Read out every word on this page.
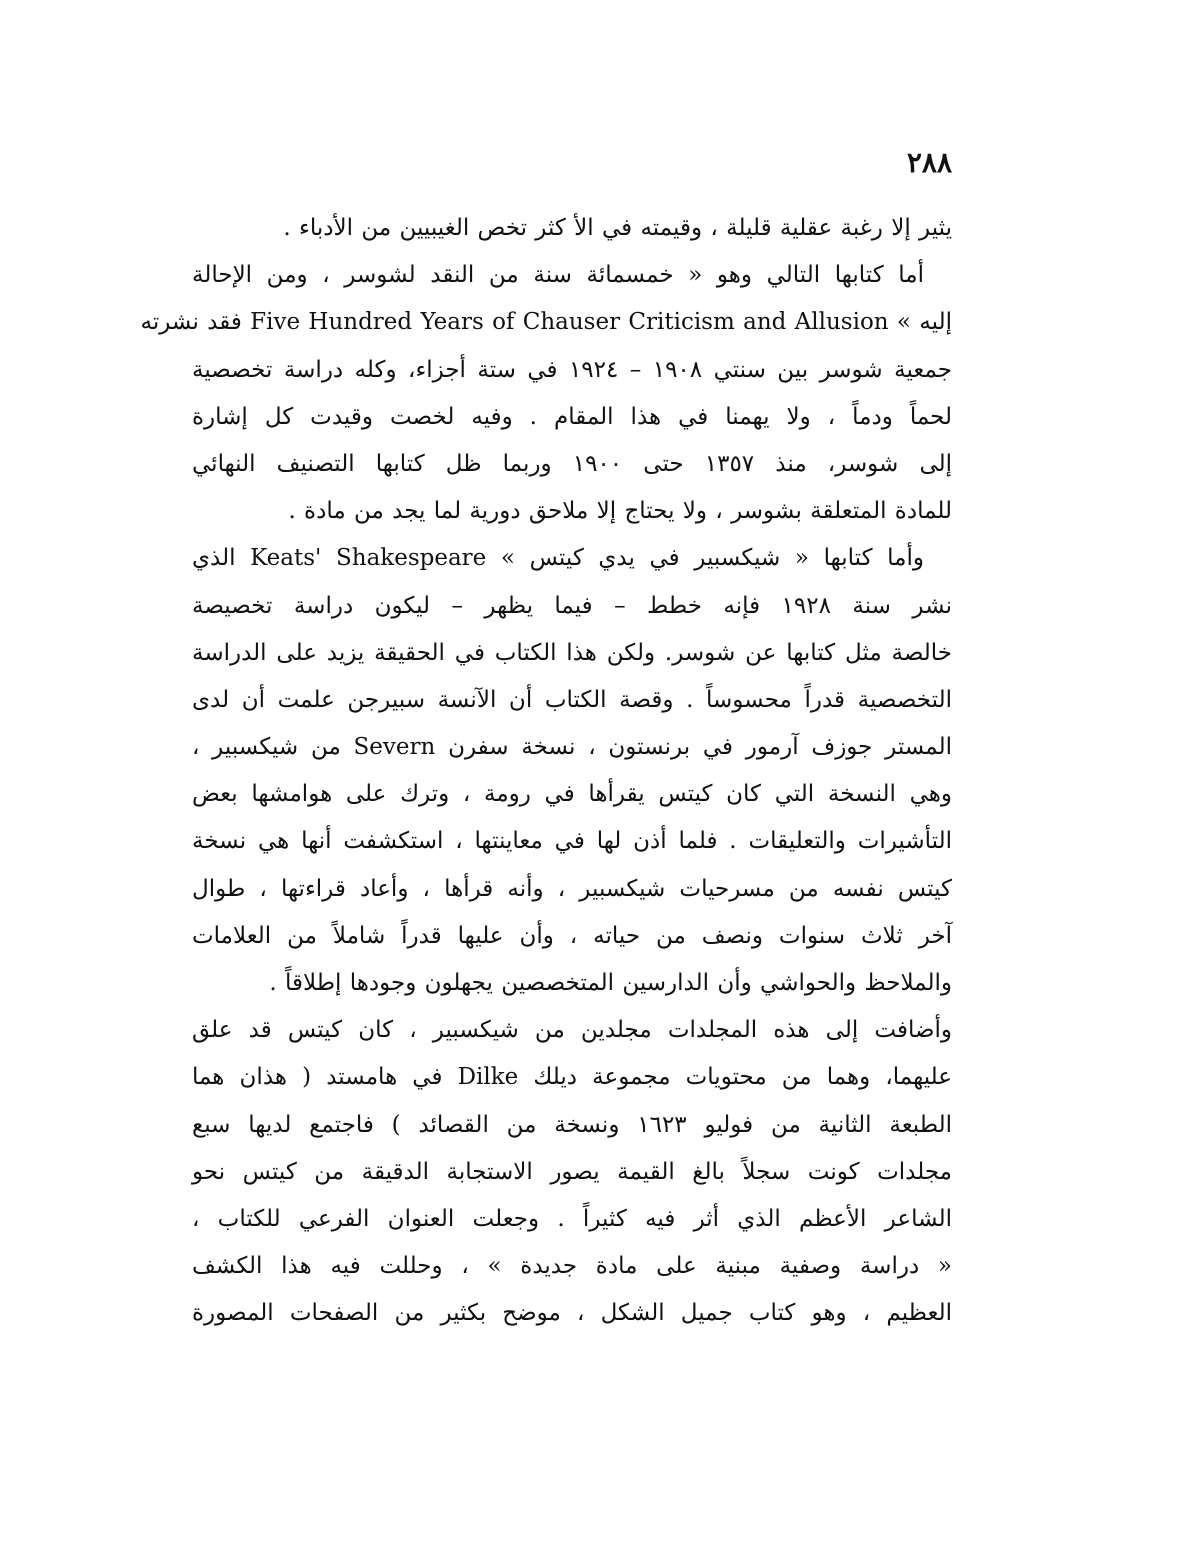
٢٨٨
يثير إلا رغبة عقلية قليلة ، وقيمته في الأ كثر تخص الغيبيين من الأدباء .
أما كتابها التالي وهو « خمسمائة سنة من النقد لشوسر ، ومن الإحالة
إليه » Five Hundred Years of Chauser Criticism and Allusion فقد نشرته
جمعية شوسر بين سنتي ١٩٠٨ – ١٩٢٤ في ستة أجزاء، وكله دراسة تخصصية
لحماً ودماً ، ولا يهمنا في هذا المقام . وفيه لخصت وقيدت كل إشارة
إلى شوسر، منذ ١٣٥٧ حتى ١٩٠٠ وربما ظل كتابها التصنيف النهائي
للمادة المتعلقة بشوسر ، ولا يحتاج إلا ملاحق دورية لما يجد من مادة .
وأما كتابها « شيكسبير في يدي كيتس » Keats' Shakespeare الذي
نشر سنة ١٩٢٨ فإنه خطط – فيما يظهر – ليكون دراسة تخصيصة
خالصة مثل كتابها عن شوسر. ولكن هذا الكتاب في الحقيقة يزيد على الدراسة
التخصصية قدراً محسوساً . وقصة الكتاب أن الآنسة سبيرجن علمت أن لدى
المستر جوزف آرمور في برنستون ، نسخة سفرن Severn من شيكسبير ،
وهي النسخة التي كان كيتس يقرأها في رومة ، وترك على هوامشها بعض
التأشيرات والتعليقات . فلما أذن لها في معاينتها ، استكشفت أنها هي نسخة
كيتس نفسه من مسرحيات شيكسبير ، وأنه قرأها ، وأعاد قراءتها ، طوال
آخر ثلاث سنوات ونصف من حياته ، وأن عليها قدراً شاملاً من العلامات
والملاحظ والحواشي وأن الدارسين المتخصصين يجهلون وجودها إطلاقاً .
وأضافت إلى هذه المجلدات مجلدين من شيكسبير ، كان كيتس قد علق
عليهما، وهما من محتويات مجموعة ديلك Dilke في هامستد ( هذان هما
الطبعة الثانية من فوليو ١٦٢٣ ونسخة من القصائد ) فاجتمع لديها سبع
مجلدات كونت سجلاً بالغ القيمة يصور الاستجابة الدقيقة من كيتس نحو
الشاعر الأعظم الذي أثر فيه كثيراً . وجعلت العنوان الفرعي للكتاب ،
« دراسة وصفية مبنية على مادة جديدة » ، وحللت فيه هذا الكشف
العظيم ، وهو كتاب جميل الشكل ، موضح بكثير من الصفحات المصورة
